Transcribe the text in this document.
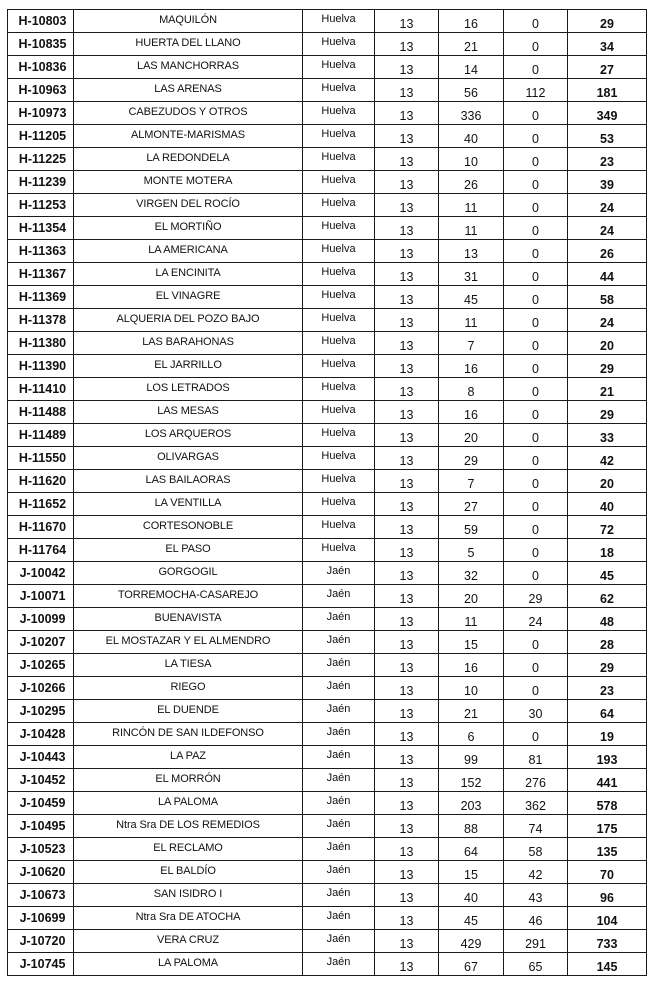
H-10803	MAQUILÓN	Huelva	13	16	0	29
H-10835	HUERTA DEL LLANO	Huelva	13	21	0	34
H-10836	LAS MANCHORRAS	Huelva	13	14	0	27
H-10963	LAS ARENAS	Huelva	13	56	112	181
H-10973	CABEZUDOS Y OTROS	Huelva	13	336	0	349
H-11205	ALMONTE-MARISMAS	Huelva	13	40	0	53
H-11225	LA REDONDELA	Huelva	13	10	0	23
H-11239	MONTE MOTERA	Huelva	13	26	0	39
H-11253	VIRGEN DEL ROCÍO	Huelva	13	11	0	24
H-11354	EL MORTIÑO	Huelva	13	11	0	24
H-11363	LA AMERICANA	Huelva	13	13	0	26
H-11367	LA ENCINITA	Huelva	13	31	0	44
H-11369	EL VINAGRE	Huelva	13	45	0	58
H-11378	ALQUERIA DEL POZO BAJO	Huelva	13	11	0	24
H-11380	LAS BARAHONAS	Huelva	13	7	0	20
H-11390	EL JARRILLO	Huelva	13	16	0	29
H-11410	LOS LETRADOS	Huelva	13	8	0	21
H-11488	LAS MESAS	Huelva	13	16	0	29
H-11489	LOS ARQUEROS	Huelva	13	20	0	33
H-11550	OLIVARGAS	Huelva	13	29	0	42
H-11620	LAS BAILAORAS	Huelva	13	7	0	20
H-11652	LA VENTILLA	Huelva	13	27	0	40
H-11670	CORTESONOBLE	Huelva	13	59	0	72
H-11764	EL PASO	Huelva	13	5	0	18
J-10042	GORGOGIL	Jaén	13	32	0	45
J-10071	TORREMOCHA-CASAREJO	Jaén	13	20	29	62
J-10099	BUENAVISTA	Jaén	13	11	24	48
J-10207	EL MOSTAZAR Y EL ALMENDRO	Jaén	13	15	0	28
J-10265	LA TIESA	Jaén	13	16	0	29
J-10266	RIEGO	Jaén	13	10	0	23
J-10295	EL DUENDE	Jaén	13	21	30	64
J-10428	RINCÓN DE SAN ILDEFONSO	Jaén	13	6	0	19
J-10443	LA PAZ	Jaén	13	99	81	193
J-10452	EL MORRÓN	Jaén	13	152	276	441
J-10459	LA PALOMA	Jaén	13	203	362	578
J-10495	Ntra Sra DE LOS REMEDIOS	Jaén	13	88	74	175
J-10523	EL RECLAMO	Jaén	13	64	58	135
J-10620	EL BALDÍO	Jaén	13	15	42	70
J-10673	SAN ISIDRO I	Jaén	13	40	43	96
J-10699	Ntra Sra DE ATOCHA	Jaén	13	45	46	104
J-10720	VERA CRUZ	Jaén	13	429	291	733
J-10745	LA PALOMA	Jaén	13	67	65	145
